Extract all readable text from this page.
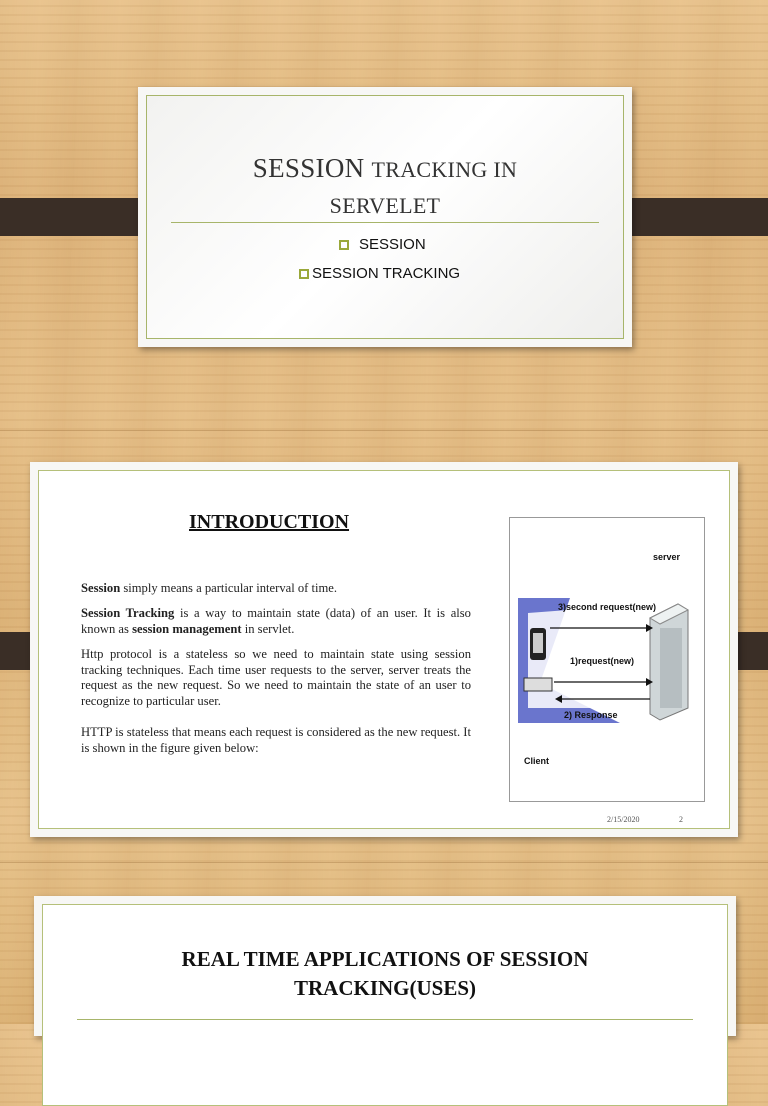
SESSION TRACKING IN
SERVELET
SESSION
SESSION TRACKING
INTRODUCTION
Session simply means a particular interval of time.
Session Tracking is a way to maintain state (data) of an user. It is also known as session management in servlet.
Http protocol is a stateless so we need to maintain state using session tracking techniques. Each time user requests to the server, server treats the request as the new request. So we need to maintain the state of an user to recognize to particular user.
HTTP is stateless that means each request is considered as the new request. It is shown in the figure given below:
server
3)second request(new)
1)request(new)
2) Response
Client
2/15/2020	2
REAL TIME APPLICATIONS OF SESSION
TRACKING(USES)
